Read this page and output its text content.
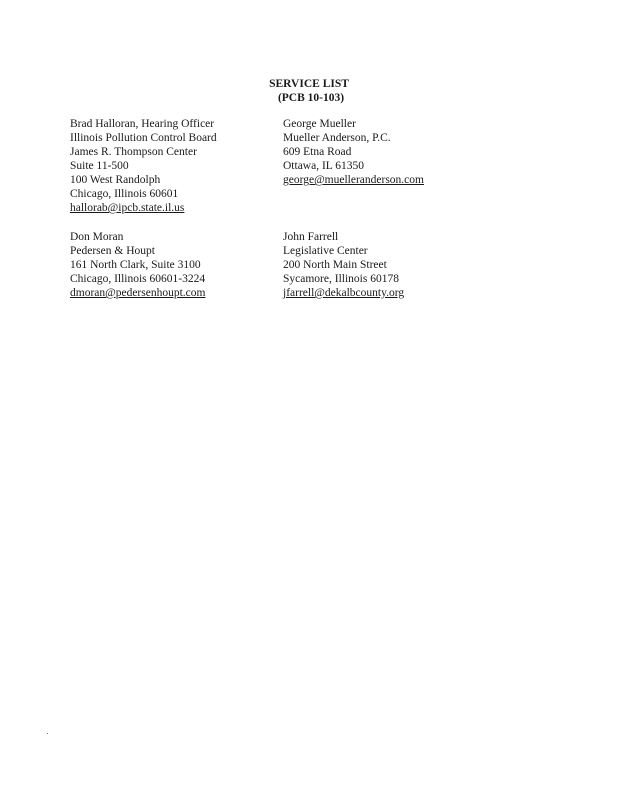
SERVICE LIST
(PCB 10-103)
Brad Halloran, Hearing Officer
Illinois Pollution Control Board
James R. Thompson Center
Suite 11-500
100 West Randolph
Chicago, Illinois 60601
hallorab@ipcb.state.il.us
George Mueller
Mueller Anderson, P.C.
609 Etna Road
Ottawa, IL 61350
george@muelleranderson.com
Don Moran
Pedersen & Houpt
161 North Clark, Suite 3100
Chicago, Illinois 60601-3224
dmoran@pedersenhoupt.com
John Farrell
Legislative Center
200 North Main Street
Sycamore, Illinois 60178
jfarrell@dekalbcounty.org
